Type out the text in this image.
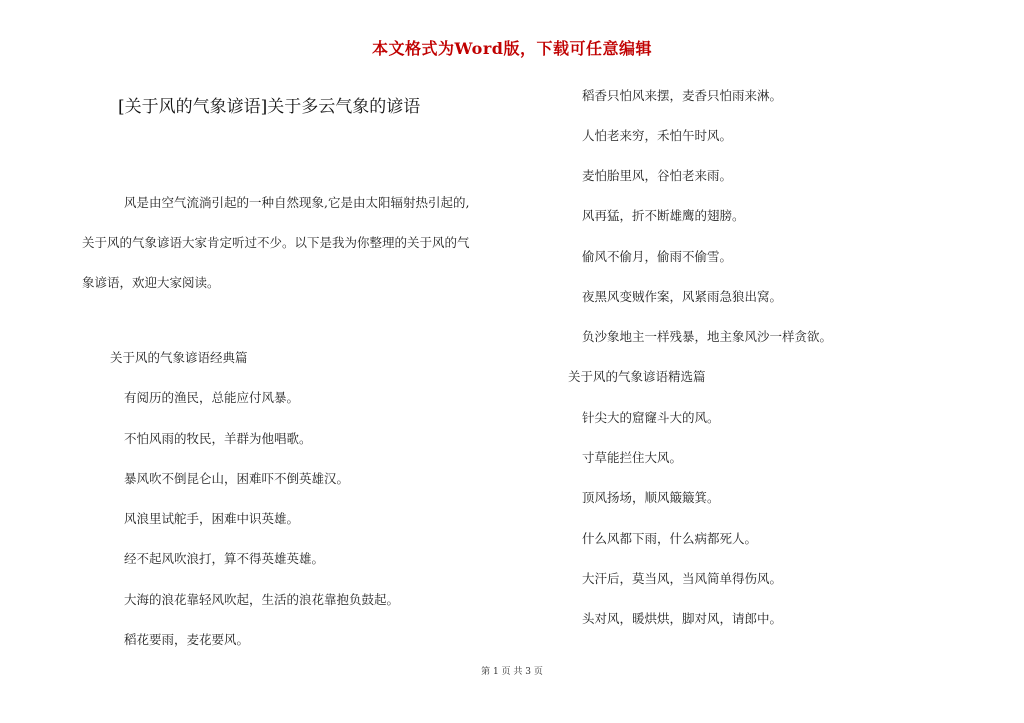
本文格式为Word版，下载可任意编辑
[关于风的气象谚语]关于多云气象的谚语
风是由空气流淌引起的一种自然现象,它是由太阳辐射热引起的,
关于风的气象谚语大家肯定听过不少。以下是我为你整理的关于风的气
象谚语，欢迎大家阅读。
关于风的气象谚语经典篇
有阅历的渔民，总能应付风暴。
不怕风雨的牧民，羊群为他唱歌。
暴风吹不倒昆仑山，困难吓不倒英雄汉。
风浪里试舵手，困难中识英雄。
经不起风吹浪打，算不得英雄英雄。
大海的浪花靠轻风吹起，生活的浪花靠抱负鼓起。
稻花要雨，麦花要风。
稻香只怕风来摆，麦香只怕雨来淋。
人怕老来穷，禾怕午时风。
麦怕胎里风，谷怕老来雨。
风再猛，折不断雄鹰的翅膀。
偷风不偷月，偷雨不偷雪。
夜黑风变贼作案，风紧雨急狼出窝。
负沙象地主一样残暴，地主象风沙一样贪欲。
关于风的气象谚语精选篇
针尖大的窟窿斗大的风。
寸草能拦住大风。
顶风扬场，顺风簸簸箕。
什么风都下雨，什么病都死人。
大汗后，莫当风，当风简单得伤风。
头对风，暖烘烘，脚对风，请郎中。
第 1 页 共 3 页
